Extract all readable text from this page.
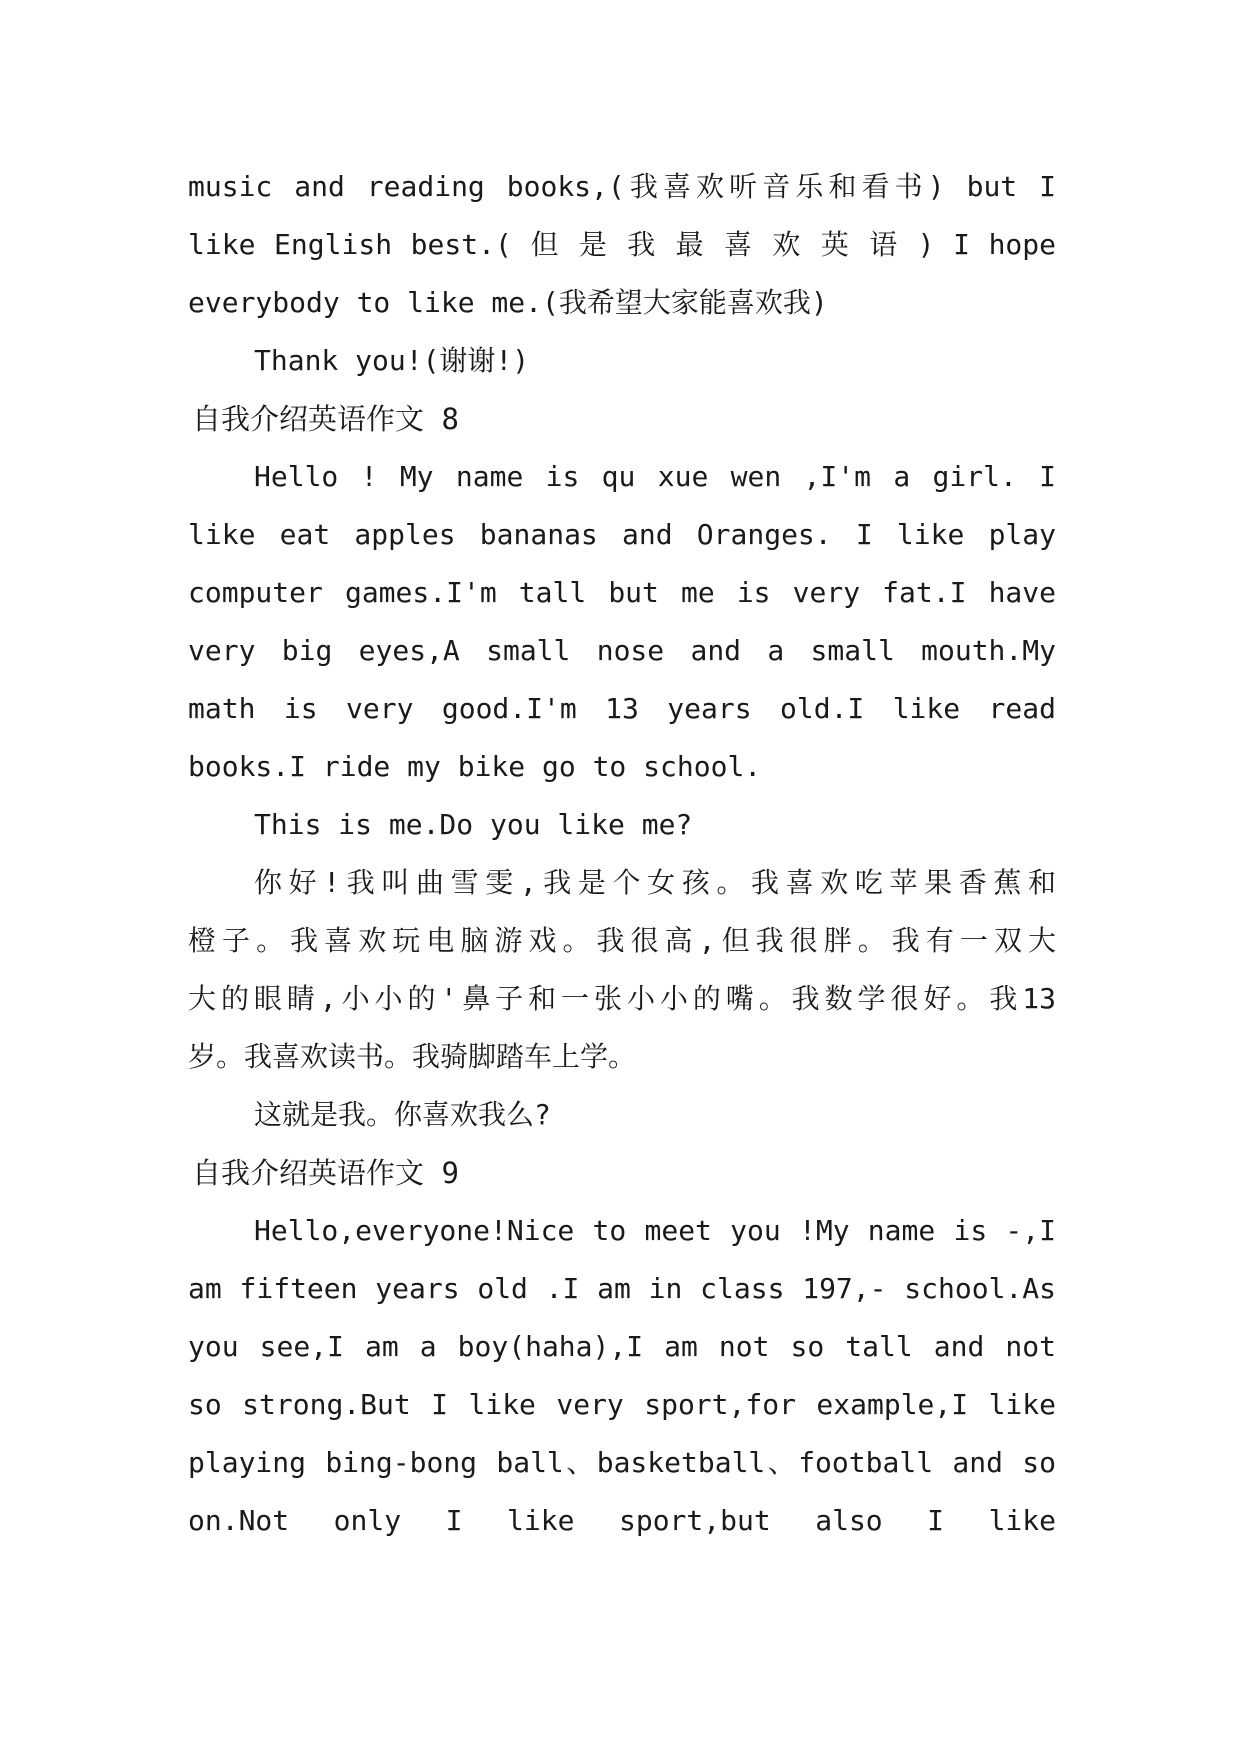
music and reading books,(我喜欢听音乐和看书) but I
like English best.( 但 是 我 最 喜 欢 英 语 ) I hope
everybody to like me.(我希望大家能喜欢我)
Thank you!(谢谢!)
自我介绍英语作文 8
Hello ! My name is qu xue wen ,I'm a girl. I
like eat apples bananas and Oranges. I like play
computer games.I'm tall but me is very fat.I have
very big eyes,A small nose and a small mouth.My
math is very good.I'm 13 years old.I like read
books.I ride my bike go to school.
This is me.Do you like me?
你好!我叫曲雪雯,我是个女孩。我喜欢吃苹果香蕉和
橙子。我喜欢玩电脑游戏。我很高,但我很胖。我有一双大
大的眼睛,小小的'鼻子和一张小小的嘴。我数学很好。我13
岁。我喜欢读书。我骑脚踏车上学。
这就是我。你喜欢我么?
自我介绍英语作文 9
Hello,everyone!Nice to meet you !My name is -,I
am fifteen years old .I am in class 197,- school.As
you see,I am a boy(haha),I am not so tall and not
so strong.But I like very sport,for example,I like
playing bing-bong ball、basketball、football and so
on.Not only I like sport,but also I like
